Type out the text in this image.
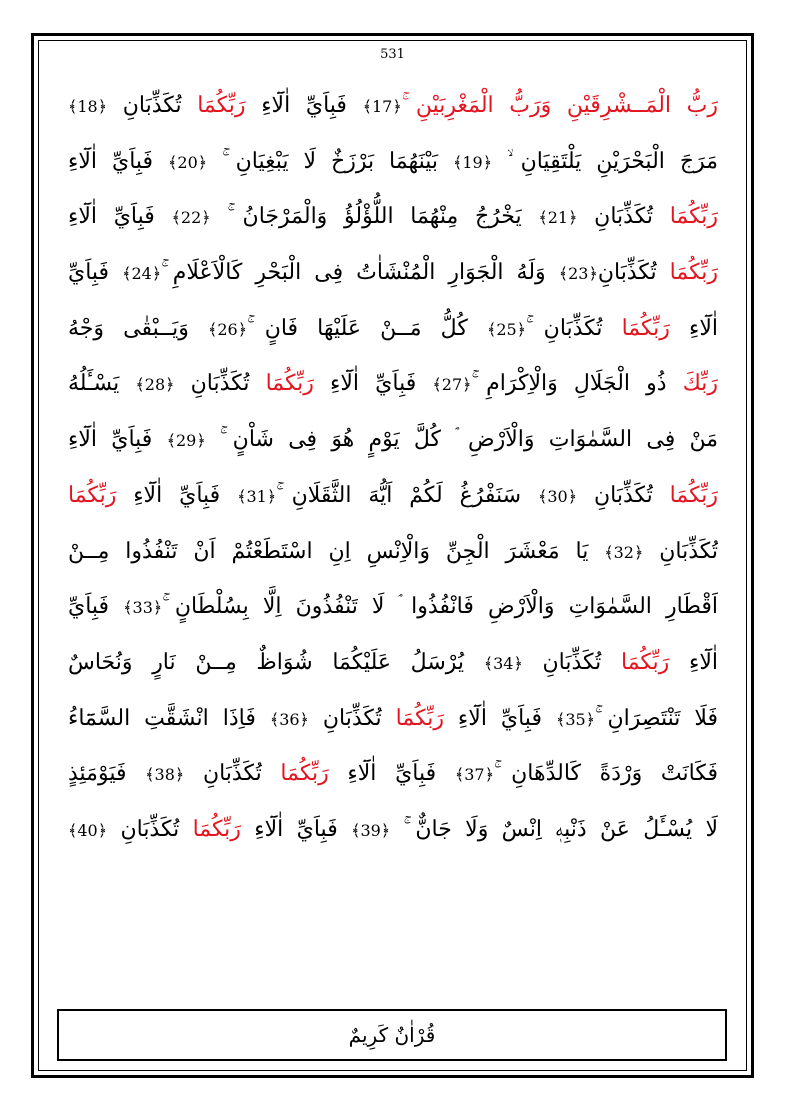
531
رَبُّ الْمَــشْرِقَيْنِ وَرَبُّ الْمَغْرِبَيْنِ ۚ﴿17﴾ فَبِاَيِّ اٰلَٓاءِ رَبِّكُمَا تُكَذِّبَانِ ﴿18﴾
مَرَجَ الْبَحْرَيْنِ يَلْتَقِيَانِ ۙ ﴿19﴾ بَيْنَهُمَا بَرْزَخٌ لَا يَبْغِيَانِ ۚ ﴿20﴾ فَبِاَيِّ اٰلَٓاءِ
رَبِّكُمَا تُكَذِّبَانِ ﴿21﴾ يَخْرُجُ مِنْهُمَا اللُّؤْلُؤُ وَالْمَرْجَانُ ۚ ﴿22﴾ فَبِاَيِّ اٰلَٓاءِ
رَبِّكُمَا تُكَذِّبَانِ﴿23﴾ وَلَهُ الْجَوَارِ الْمُنْشَاٰتُ فِى الْبَحْرِ كَالْاَعْلَامِ ۚ﴿24﴾ فَبِاَيِّ
اٰلَٓاءِ رَبِّكُمَا تُكَذِّبَانِ ۚ﴿25﴾ كُلُّ مَــنْ عَلَيْهَا فَانٍ ۚ﴿26﴾ وَيَــبْقٰى وَجْهُ
رَبِّكَ ذُو الْجَلَالِ وَالْاِكْرَامِ ۚ﴿27﴾ فَبِاَيِّ اٰلَٓاءِ رَبِّكُمَا تُكَذِّبَانِ ﴿28﴾ يَسْـَٔلُهُ
مَنْ فِى السَّمٰوَاتِ وَالْاَرْضِ ۘ كُلَّ يَوْمٍ هُوَ فِى شَاْنٍ ۚ ﴿29﴾ فَبِاَيِّ اٰلَٓاءِ
رَبِّكُمَا تُكَذِّبَانِ ﴿30﴾ سَنَفْرُغُ لَكُمْ اَيُّهَ الثَّقَلَانِ ۚ﴿31﴾ فَبِاَيِّ اٰلَٓاءِ رَبِّكُمَا
تُكَذِّبَانِ ﴿32﴾ يَا مَعْشَرَ الْجِنِّ وَالْاِنْسِ اِنِ اسْتَطَعْتُمْ اَنْ تَنْفُذُوا مِــنْ
اَقْطَارِ السَّمٰوَاتِ وَالْاَرْضِ فَانْفُذُوا ۘ لَا تَنْفُذُونَ اِلَّا بِسُلْطَانٍ ۚ﴿33﴾ فَبِاَيِّ
اٰلَٓاءِ رَبِّكُمَا تُكَذِّبَانِ ﴿34﴾ يُرْسَلُ عَلَيْكُمَا شُوَاظٌ مِــنْ نَارٍ وَنُحَاسٌ
فَلَا تَنْتَصِرَانِ ۚ﴿35﴾ فَبِاَيِّ اٰلَٓاءِ رَبِّكُمَا تُكَذِّبَانِ ﴿36﴾ فَاِذَا انْشَقَّتِ السَّمَٓاءُ
فَكَانَتْ وَرْدَةً كَالدِّهَانِ ۚ﴿37﴾ فَبِاَيِّ اٰلَٓاءِ رَبِّكُمَا تُكَذِّبَانِ ﴿38﴾ فَيَوْمَئِذٍ
لَا يُسْـَٔلُ عَنْ ذَنْبِهٖ اِنْسٌ وَلَا جَانٌّ ۚ ﴿39﴾ فَبِاَيِّ اٰلَٓاءِ رَبِّكُمَا تُكَذِّبَانِ ﴿40﴾
قُرْاٰنٌ كَرِيمٌ
